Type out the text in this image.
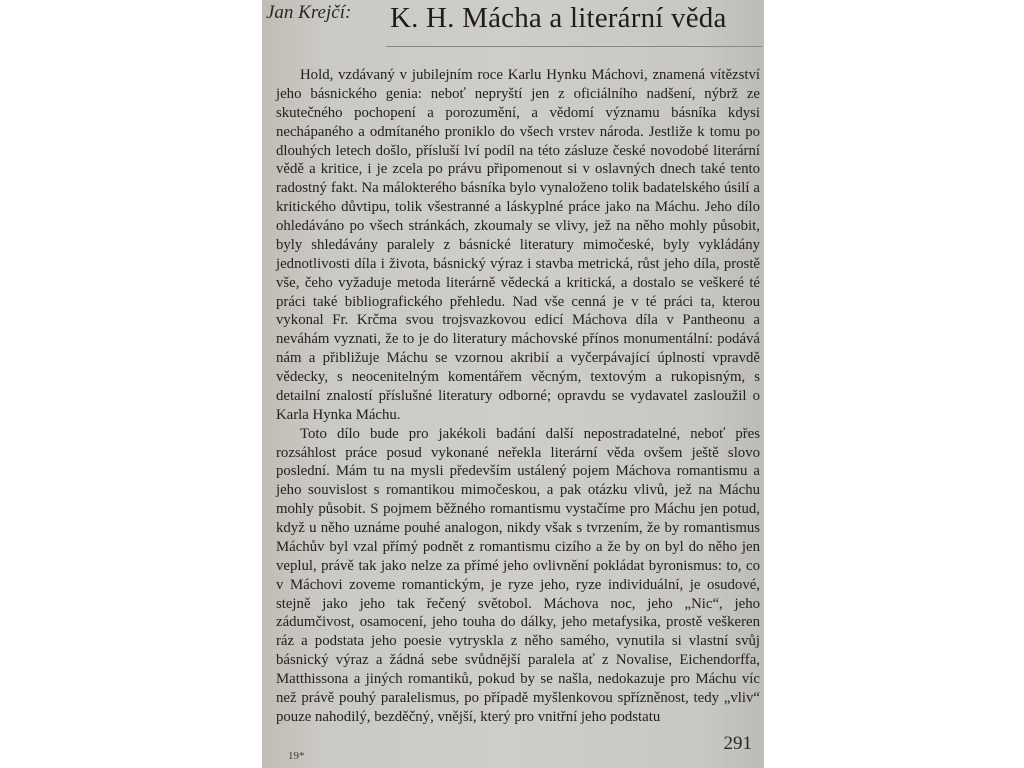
Jan Krejčí: K. H. Mácha a literární věda

Hold, vzdávaný v jubilejním roce Karlu Hynku Máchovi, znamená vítězství jeho básnického genia: neboť nepryští jen z oficiálního nadšení, nýbrž ze skutečného pochopení a porozumění, a vědomí významu básníka kdysi nechápaného a odmítaného proniklo do všech vrstev národa. Jestliže k tomu po dlouhých letech došlo, přísluší lví podíl na této zásluze české novodobé literární vědě a kritice, i je zcela po právu připomenout si v oslavných dnech také tento radostný fakt. Na málokterého básníka bylo vynaloženo tolik badatelského úsilí a kritického důvtipu, tolik všestranné a láskyplné práce jako na Máchu. Jeho dílo ohledáváno po všech stránkách, zkoumaly se vlivy, jež na něho mohly působit, byly shledávány paralely z básnické literatury mimočeské, byly vykládány jednotlivosti díla i života, básnický výraz i stavba metrická, růst jeho díla, prostě vše, čeho vyžaduje metoda literárně vědecká a kritická, a dostalo se veškeré té práci také bibliografického přehledu. Nad vše cenná je v té práci ta, kterou vykonal Fr. Krčma svou trojsvazkovou edicí Máchova díla v Pantheonu a neváhám vyznati, že to je do literatury máchovské přínos monumentální: podává nám a přibližuje Máchu se vzornou akribií a vyčerpávající úplností vpravdě vědecky, s neocenitelným komentářem věcným, textovým a rukopisným, s detailní znalostí příslušné literatury odborné; opravdu se vydavatel zasloužil o Karla Hynka Máchu.

Toto dílo bude pro jakékoli badání další nepostradatelné, neboť přes rozsáhlost práce posud vykonané neřekla literární věda ovšem ještě slovo poslední. Mám tu na mysli především ustálený pojem Máchova romantismu a jeho souvislost s romantikou mimočeskou, a pak otázku vlivů, jež na Máchu mohly působit. S pojmem běžného romantismu vystačíme pro Máchu jen potud, když u něho uznáme pouhé analogon, nikdy však s tvrzením, že by romantismus Máchův byl vzal přímý podnět z romantismu cizího a že by on byl do něho jen veplul, právě tak jako nelze za přímé jeho ovlivnění pokládat byronismus: to, co v Máchovi zoveme romantickým, je ryze jeho, ryze individuální, je osudové, stejně jako jeho tak řečený světobol. Máchova noc, jeho „Nic“, jeho zádumčivost, osamocení, jeho touha do dálky, jeho metafysika, prostě veškeren ráz a podstata jeho poesie vytryskla z něho samého, vynutila si vlastní svůj básnický výraz a žádná sebe svůdnější paralela ať z Novalise, Eichendorffa, Matthissona a jiných romantiků, pokud by se našla, nedokazuje pro Máchu víc než právě pouhý paralelismus, po případě myšlenkovou spřízněnost, tedy „vliv“ pouze nahodilý, bezděčný, vnější, který pro vnitřní jeho podstatu

291
19*
